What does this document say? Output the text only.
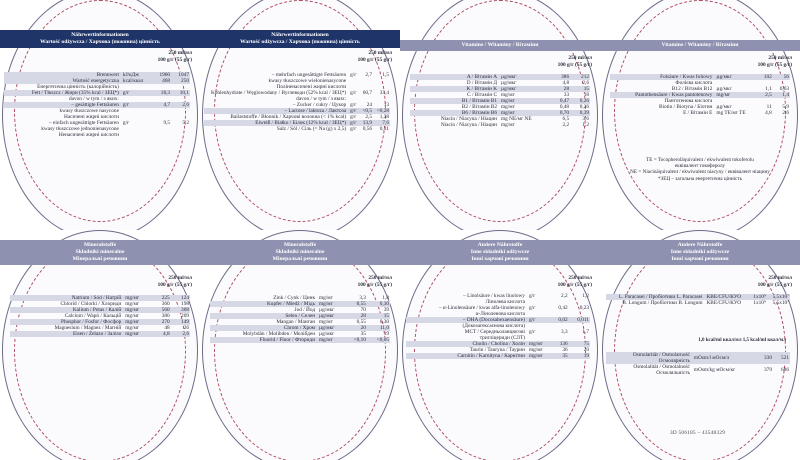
Nährwertinformationen
Wartość odżywcza / Харчова (поживна) цінність
250 ml/мл
100 g/г (55 g/г)
Brennwert	kJ/кДж	1960	1047
Wartość energetyczna	kcal/ккал	468	250
Енергетична цінність (калорійність)			
Fett / Tłuszcz / Жири (35% kcal / ЗЕЦ*)	g/г	18,3	10,1
davon / w tym / з яких:			
– gesättigte Fettsäuren	g/г	4,7	2,6
kwasy tłuszczowe nasycone			
Насичені жирні кислоти			
– einfach ungesättigte Fettsäuren	g/г	9,5	5,2
kwasy tłuszczowe jednonienasycone			
Ненасичені жирні кислоти			
Nährwertinformationen
Wartość odżywcza / Харчова (поживна) цінність
250 ml/мл
100 g/г (55 g/г)
– mehrfach ungesättigte Fettsäuren	g/г	2,7	1,5
kwasy tłuszczowe wielonienasycone			
Поліненасичені жирні кислоти			
Kohlenhydrate / Węglowodany / Вуглеводи (52% kcal / ЗЕЦ*)	g/г	60,7	33,4
davon / w tym / з яких:			
– Zucker / cukry / Цукор	g/г	24	13
– Lactose / laktoza / Лактоза	g/г	<0,5	<0,28
Ballaststoffe / Błonnik / Харчові волокна (< 1% kcal)	g/г	2,5	1,38
Eiweiß / Białko / Білок (12% kcal / ЗЕЦ*)	g/г	13,9	7,6
Salz / Sól / Сіль (= Na (g) x 2,5)	g/г	0,56	0,31
Vitamine / Witaminy / Вітаміни
250 ml/мл
100 g/г (55 g/г)
A / Вітамін A	µg/мкг	386	212
D / Вітамін Д	µg/мкг	4,8	2,6
K / Вітамін K	µg/мкг	28	15
C / Вітамін C	mg/мг	33	18
B1 / Вітамін B1	mg/мг	0,47	0,26
B2 / Вітамін B2	mg/мг	0,48	0,26
B6 / Вітамін B6	mg/мг	0,70	0,39
Niacin / Niacyna / Ніацин	mg NE/мг NE	6,5	3,6
Niacin / Niacyna / Ніацин	mg/мг	2,2	1,2
Vitamine / Witaminy / Вітаміни
250 ml/мл
100 g/г (55 g/г)
Folsäure / Kwas foliowy	µg/мкг	102	56
Фолієва кислота			
B12 / Вітамін B12	µg/мкг	1,1	0,63
Pantothensäure / Kwas pantotenowy	mg/мг	2,5	1,4
Пантотенова кислота			
Biotin / Biotyna / Біотин	µg/мкг	11	5,9
E / Вітамін E	mg TE/мг TE	4,8	2,6
TE = Tocopheroläquivalent / ekwiwalent tokoferolu
еквівалент токоферолу
NE = Niacinäquivalent / ekwiwalent niacyny / еквівалент ніацину
*ЗЕЦ – загальна енергетична цінність
Mineralstoffe
Składniki mineralne
Мінеральні речовини
250 ml/мл
100 g/г (55 g/г)
Natrium / Sód / Натрій	mg/мг	225	124
Chlorid / Chlorki / Хлориди	mg/мг	360	198
Kalium / Potas / Калій	mg/мг	560	308
Calcium / Wapń / Кальцій	mg/мг	380	209
Phosphor / Fosfor / Фосфор	mg/мг	270	149
Magnesium / Magnez / Магній	mg/мг	48	26
Eisen / Żelazo / Залізо	mg/мг	4,8	2,6
Mineralstoffe
Składniki mineralne
Мінеральні речовини
250 ml/мл
100 g/г (55 g/г)
Zink / Cynk / Цинк	mg/мг	3,3	1,8
Kupfer / Miedź / Мідь	mg/мг	0,55	0,30
Jod / Йод	µg/мкг	70	39
Selen / Селен	µg/мкг	28	15
Mangan / Манган	mg/мг	0,55	0,30
Chrom / Хром	µg/мкг	20	11,0
Molybdän / Molibden / Молібден	µg/мкг	35	19
Fluorid / Fluor / Фториди	mg/мг	<0,10	<0,05
Andere Nährstoffe
Inne składniki odżywcze
Інші харчові речовини
250 ml/мл
100 g/г (55 g/г)
– Linolsäure / kwas linolowy	g/г	2,2	1,2
Лінолева кислота			
– α-Linolensäure / kwas alfa-linolenowy	g/г	0,42	0,23
α-Ліноленова кислота			
– DHA (Docosahexaensäure)	g/г	0,02	0,011
(Докозагексаєнова кислота)			
MCT / Середньоланцюгові	g/г	3,3	1,7
тригліцериди (СЛТ)			
Cholin / Cholina / Холін	mg/мг	136	75
Taurin / Tauryna / Таурин	mg/мг	36	20
Carnitin / Karnityna / Карнітин	mg/мг	35	19
Andere Nährstoffe
Inne składniki odżywcze
Інші харчові речовини
250 ml/мл
100 g/г (55 g/г)
L. Paracasei / Пробіотики L. Paracasei	KBE/CFU/КУО	1x10⁹	5,5x10⁷
B. Longum / Пробіотики B. Longum	KBE/CFU/КУО	1x10⁹	5,5x10⁷
1,0 kcal/ml ккал/мл 1,5 kcal/ml ккал/мл
Osmolarität / Osmolarność
Осмолярність	mOsm/l мОсм/л	330	521
Osmolalität / Osmolalność
Осмоляльність	mOsm/kg мОсм/кг	379	686
3D 506185 – 43548329
